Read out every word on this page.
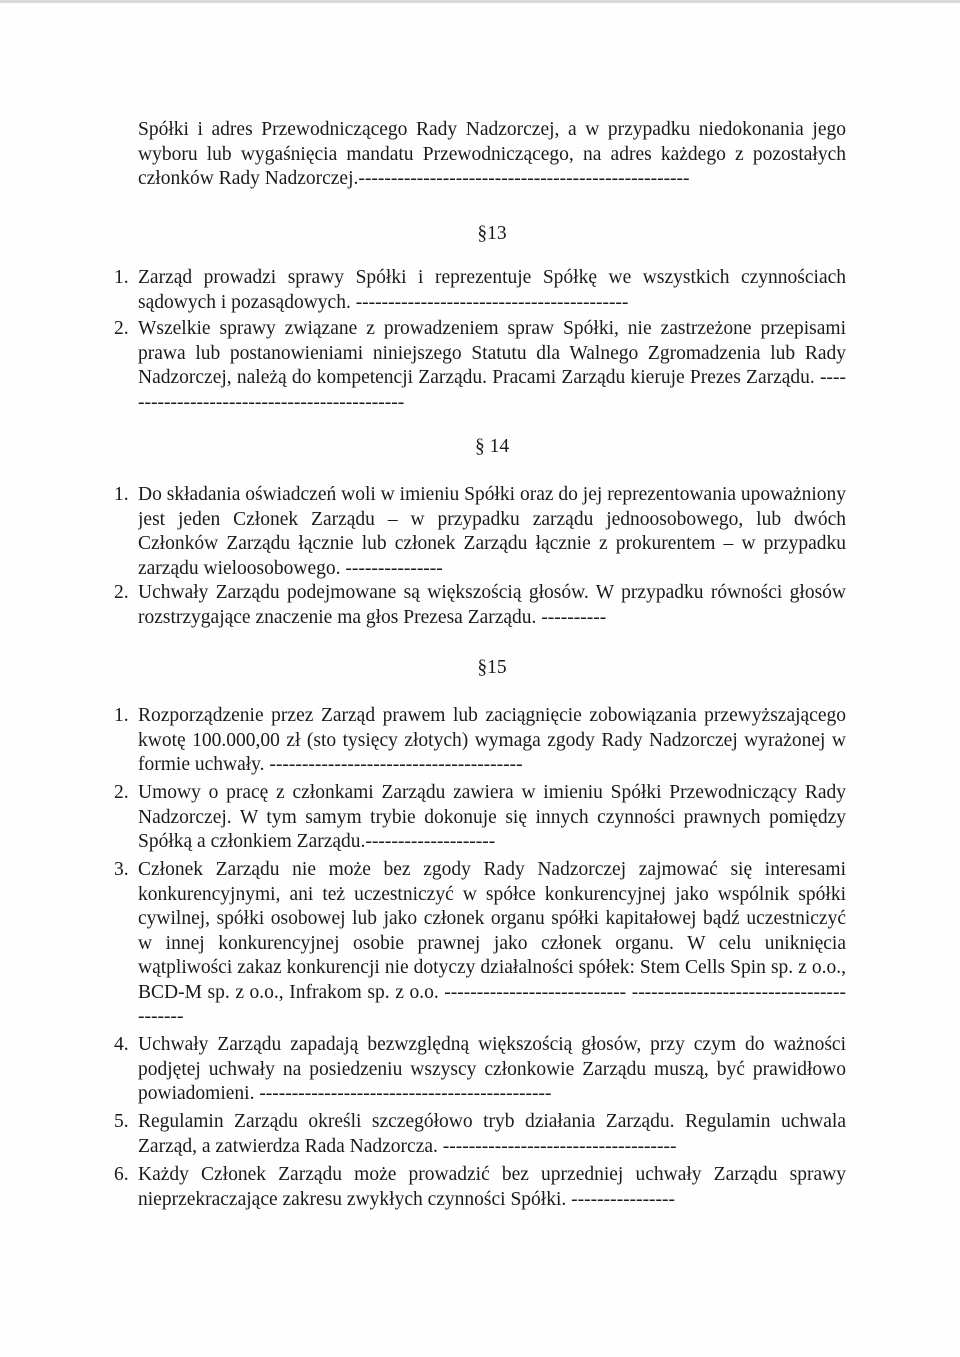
Spółki i adres Przewodniczącego Rady Nadzorczej, a w przypadku niedokonania jego wyboru lub wygaśnięcia mandatu Przewodniczącego, na adres każdego z pozostałych członków Rady Nadzorczej.---------------------------------------------------

§13

1. Zarząd prowadzi sprawy Spółki i reprezentuje Spółkę we wszystkich czynnościach sądowych i pozasądowych. ------------------------------------------

2. Wszelkie sprawy związane z prowadzeniem spraw Spółki, nie zastrzeżone przepisami prawa lub postanowieniami niniejszego Statutu dla Walnego Zgromadzenia lub Rady Nadzorczej, należą do kompetencji Zarządu. Pracami Zarządu kieruje Prezes Zarządu. ---------------------------------------------

§ 14

1. Do składania oświadczeń woli w imieniu Spółki oraz do jej reprezentowania upoważniony jest jeden Członek Zarządu – w przypadku zarządu jednoosobowego, lub dwóch Członków Zarządu łącznie lub członek Zarządu łącznie z prokurentem – w przypadku zarządu wieloosobowego. ---------------

2. Uchwały Zarządu podejmowane są większością głosów. W przypadku równości głosów rozstrzygające znaczenie ma głos Prezesa Zarządu. ----------

§15

1. Rozporządzenie przez Zarząd prawem lub zaciągnięcie zobowiązania przewyższającego kwotę 100.000,00 zł (sto tysięcy złotych) wymaga zgody Rady Nadzorczej wyrażonej w formie uchwały. ---------------------------------------

2. Umowy o pracę z członkami Zarządu zawiera w imieniu Spółki Przewodniczący Rady Nadzorczej. W tym samym trybie dokonuje się innych czynności prawnych pomiędzy Spółką a członkiem Zarządu.--------------------

3. Członek Zarządu nie może bez zgody Rady Nadzorczej zajmować się interesami konkurencyjnymi, ani też uczestniczyć w spółce konkurencyjnej jako wspólnik spółki cywilnej, spółki osobowej lub jako członek organu spółki kapitałowej bądź uczestniczyć w innej konkurencyjnej osobie prawnej jako członek organu. W celu uniknięcia wątpliwości zakaz konkurencji nie dotyczy działalności spółek: Stem Cells Spin sp. z o.o., BCD-M sp. z o.o., Infrakom sp. z o.o. ---------------------------- ----------------------------------------

4. Uchwały Zarządu zapadają bezwzględną większością głosów, przy czym do ważności podjętej uchwały na posiedzeniu wszyscy członkowie Zarządu muszą, być prawidłowo powiadomieni. ---------------------------------------------

5. Regulamin Zarządu określi szczegółowo tryb działania Zarządu. Regulamin uchwala Zarząd, a zatwierdza Rada Nadzorcza. ------------------------------------

6. Każdy Członek Zarządu może prowadzić bez uprzedniej uchwały Zarządu sprawy nieprzekraczające zakresu zwykłych czynności Spółki. ----------------
